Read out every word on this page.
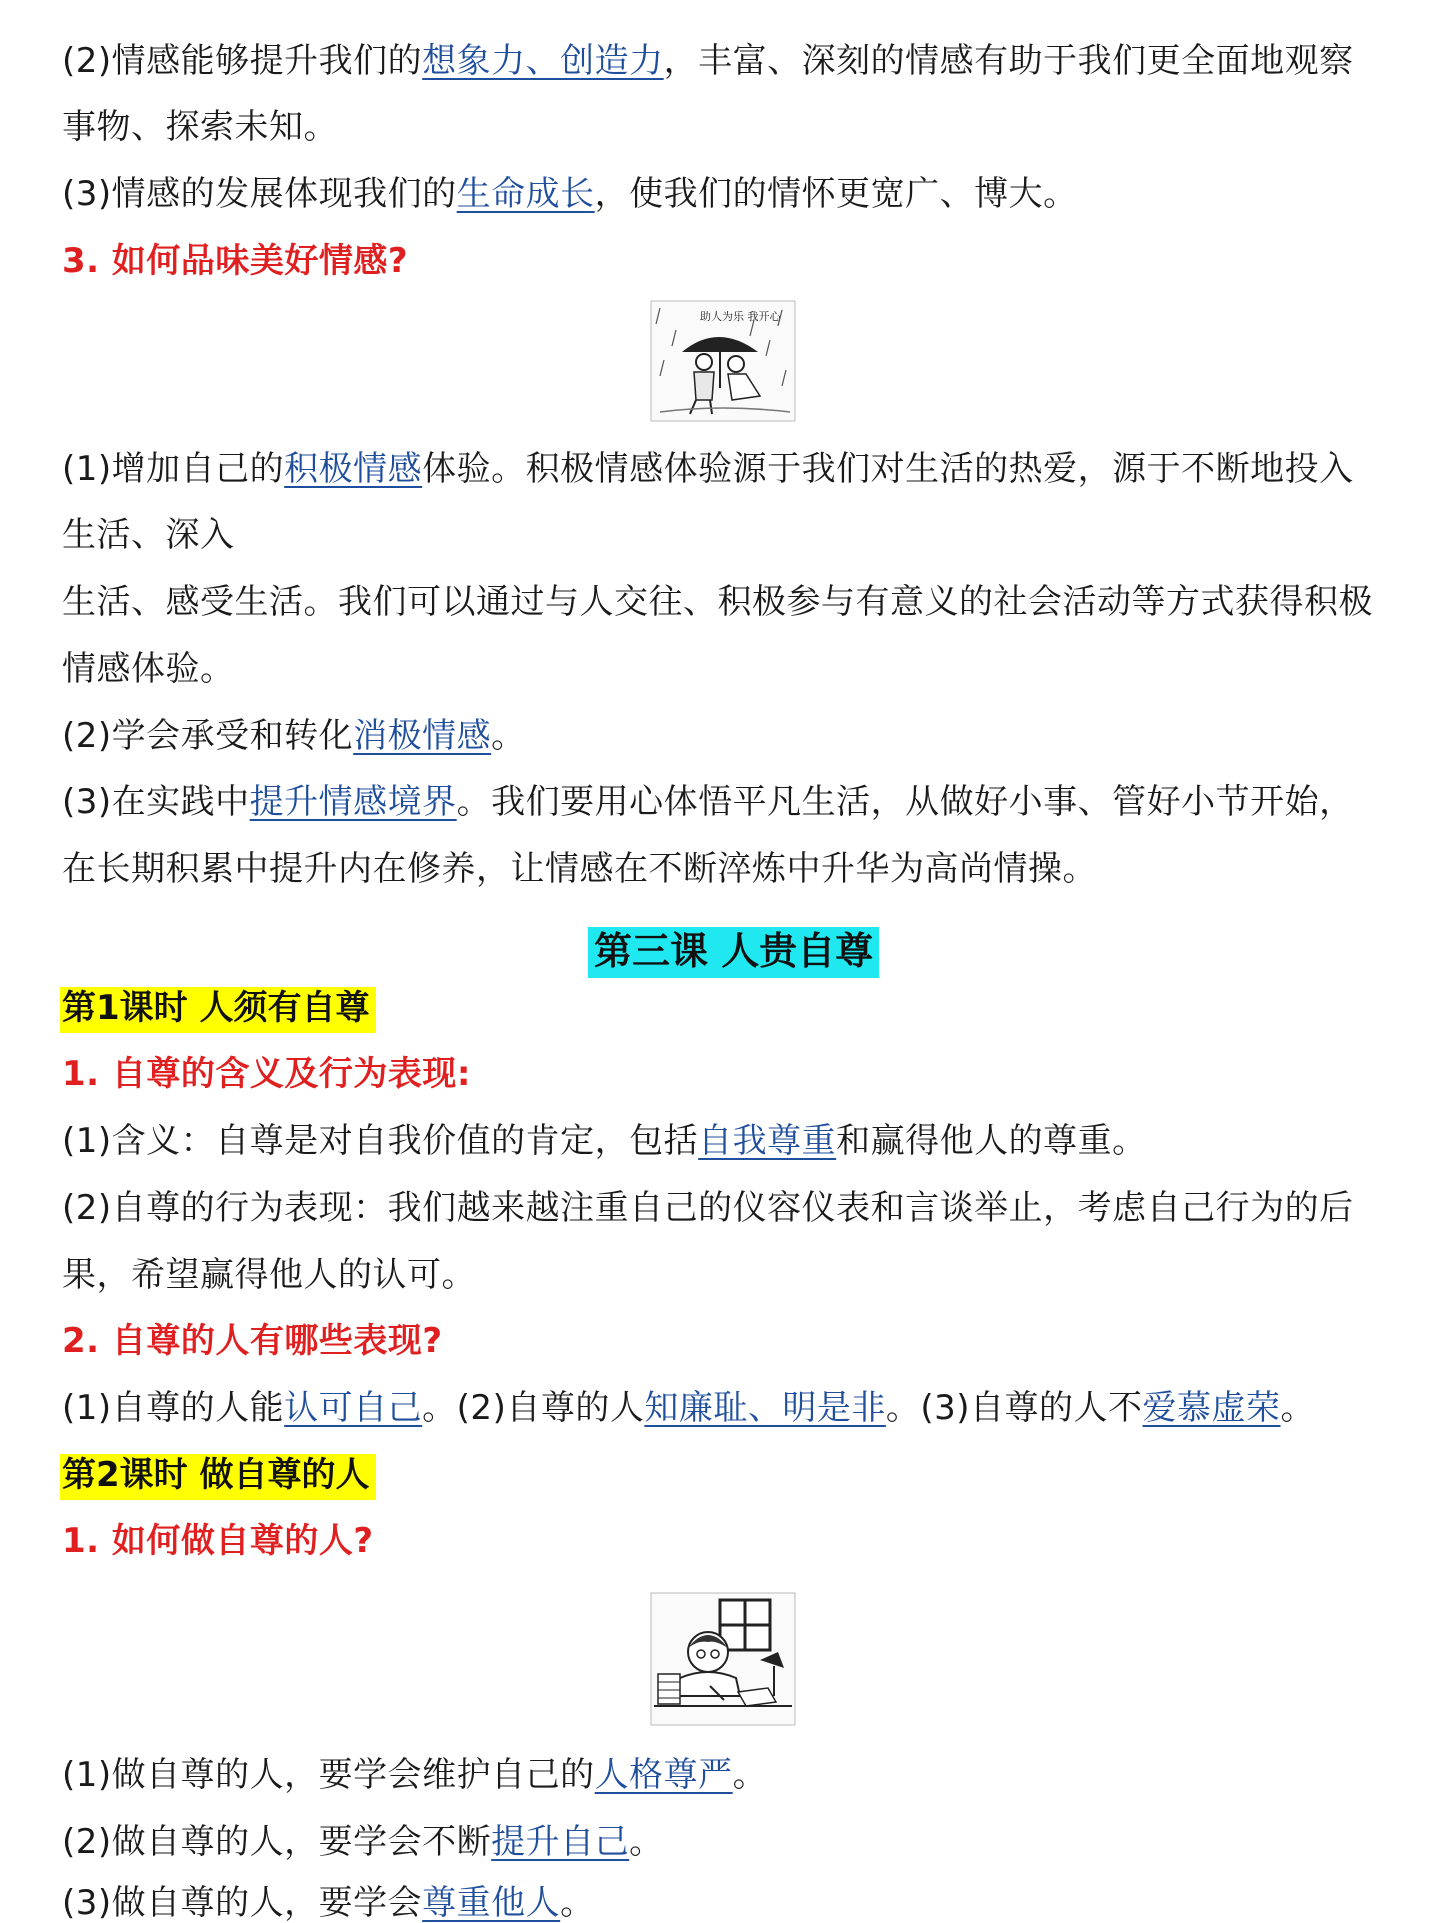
(2)情感能够提升我们的想象力、创造力，丰富、深刻的情感有助于我们更全面地观察
事物、探索未知。
(3)情感的发展体现我们的生命成长，使我们的情怀更宽广、博大。
3. 如何品味美好情感?
助人为乐 我开心
(1)增加自己的积极情感体验。积极情感体验源于我们对生活的热爱，源于不断地投入
生活、深入
生活、感受生活。我们可以通过与人交往、积极参与有意义的社会活动等方式获得积极
情感体验。
(2)学会承受和转化消极情感。
(3)在实践中提升情感境界。我们要用心体悟平凡生活，从做好小事、管好小节开始，
在长期积累中提升内在修养，让情感在不断淬炼中升华为高尚情操。
第三课 人贵自尊
第1课时 人须有自尊
1. 自尊的含义及行为表现:
(1)含义：自尊是对自我价值的肯定，包括自我尊重和赢得他人的尊重。
(2)自尊的行为表现：我们越来越注重自己的仪容仪表和言谈举止，考虑自己行为的后
果，希望赢得他人的认可。
2. 自尊的人有哪些表现?
(1)自尊的人能认可自己。(2)自尊的人知廉耻、明是非。(3)自尊的人不爱慕虚荣。
第2课时 做自尊的人
1. 如何做自尊的人?
(1)做自尊的人，要学会维护自己的人格尊严。
(2)做自尊的人，要学会不断提升自己。
(3)做自尊的人，要学会尊重他人。
